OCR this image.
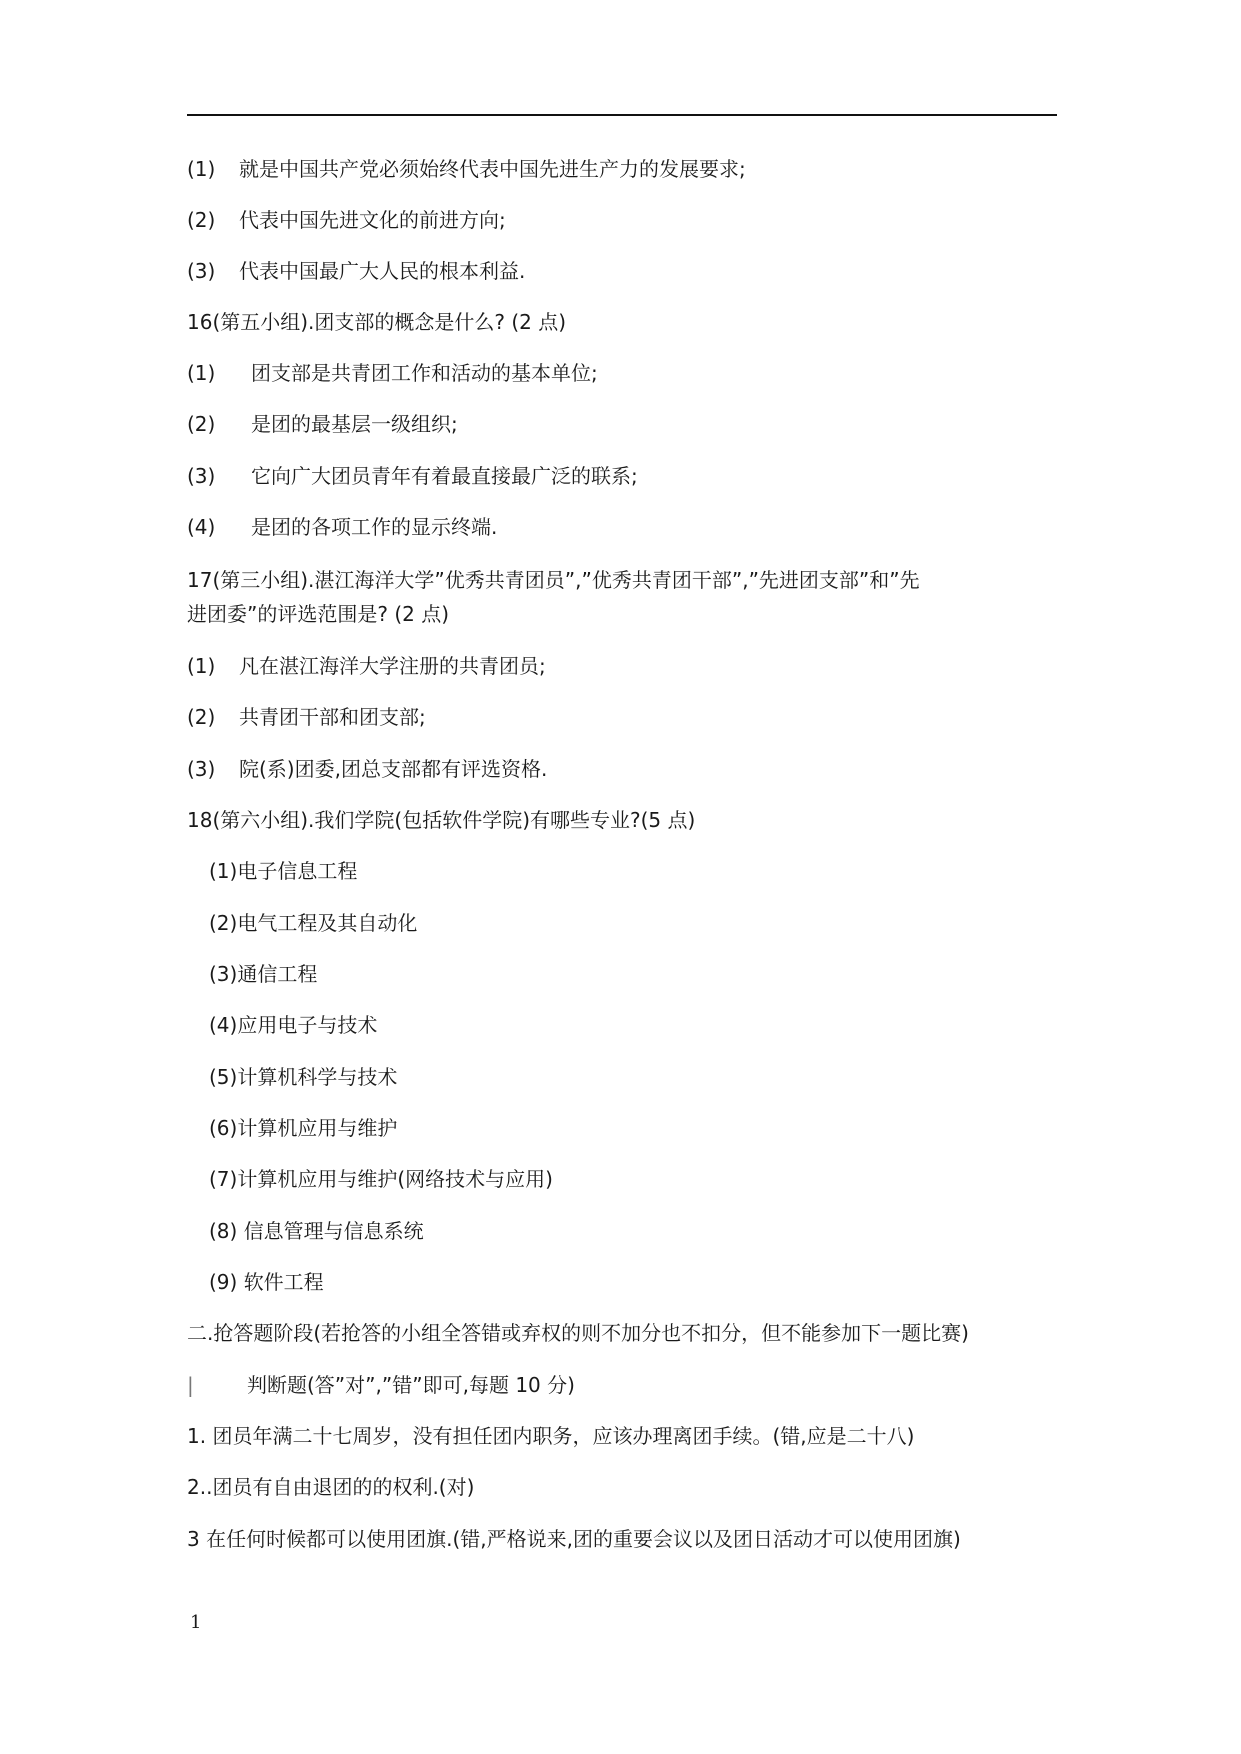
(1) 就是中国共产党必须始终代表中国先进生产力的发展要求;
(2) 代表中国先进文化的前进方向;
(3) 代表中国最广大人民的根本利益.
16(第五小组).团支部的概念是什么? (2 点)
(1) 团支部是共青团工作和活动的基本单位;
(2) 是团的最基层一级组织;
(3) 它向广大团员青年有着最直接最广泛的联系;
(4) 是团的各项工作的显示终端.
17(第三小组).湛江海洋大学”优秀共青团员”,”优秀共青团干部”,”先进团支部”和”先
进团委”的评选范围是? (2 点)
(1) 凡在湛江海洋大学注册的共青团员;
(2) 共青团干部和团支部;
(3) 院(系)团委,团总支部都有评选资格.
18(第六小组).我们学院(包括软件学院)有哪些专业?(5 点)
(1)电子信息工程
(2)电气工程及其自动化
(3)通信工程
(4)应用电子与技术
(5)计算机科学与技术
(6)计算机应用与维护
(7)计算机应用与维护(网络技术与应用)
(8) 信息管理与信息系统
(9) 软件工程
二.抢答题阶段(若抢答的小组全答错或弃权的则不加分也不扣分，但不能参加下一题比赛)
|	判断题(答”对”,”错”即可,每题 10 分)
1. 团员年满二十七周岁，没有担任团内职务，应该办理离团手续。(错,应是二十八)
2..团员有自由退团的的权利.(对)
3 在任何时候都可以使用团旗.(错,严格说来,团的重要会议以及团日活动才可以使用团旗)
1
